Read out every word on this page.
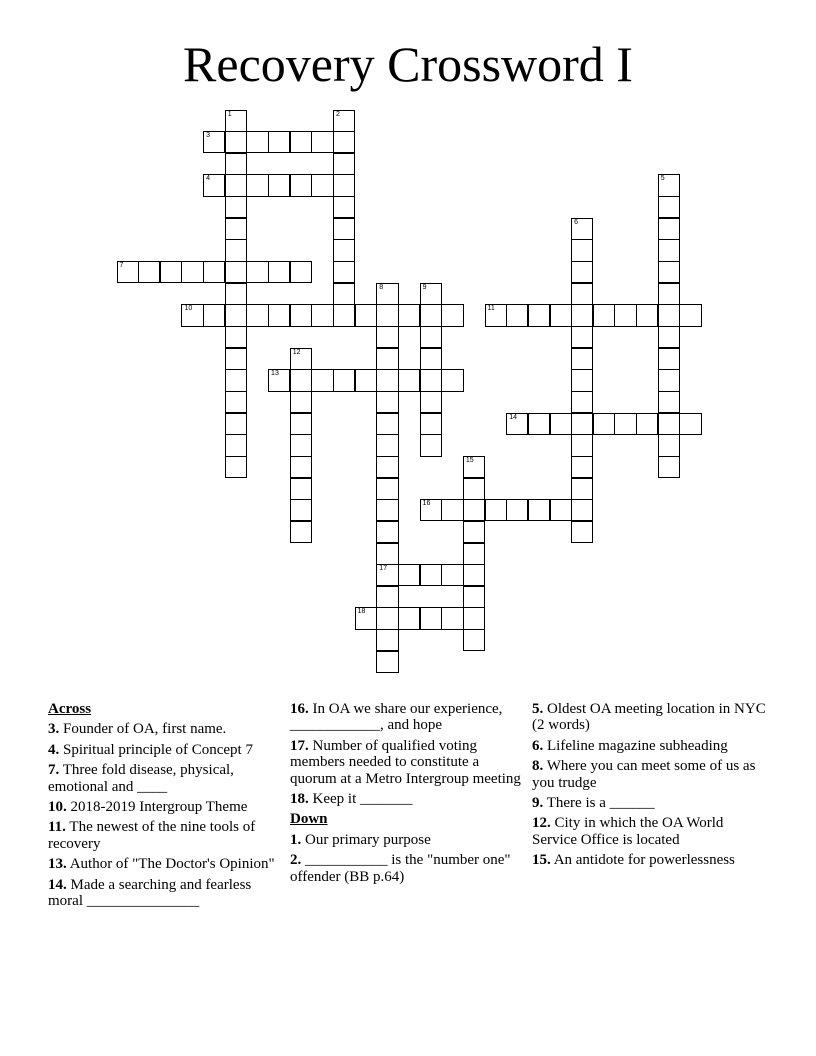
Recovery Crossword I
1	2
3
4	5
6
7
8
17
9
10	11
12
13
14
15
16
18
Across
3. Founder of OA, first name.
4. Spiritual principle of Concept 7
7. Three fold disease, physical, emotional and ____
10. 2018-2019 Intergroup Theme
11. The newest of the nine tools of recovery
13. Author of "The Doctor's Opinion"
14. Made a searching and fearless moral _______________
16. In OA we share our experience, ____________, and hope
17. Number of qualified voting members needed to constitute a quorum at a Metro Intergroup meeting
18. Keep it _______
Down
1. Our primary purpose
2. ___________ is the "number one" offender (BB p.64)
5. Oldest OA meeting location in NYC (2 words)
6. Lifeline magazine subheading
8. Where you can meet some of us as you trudge
9. There is a ______
12. City in which the OA World Service Office is located
15. An antidote for powerlessness
